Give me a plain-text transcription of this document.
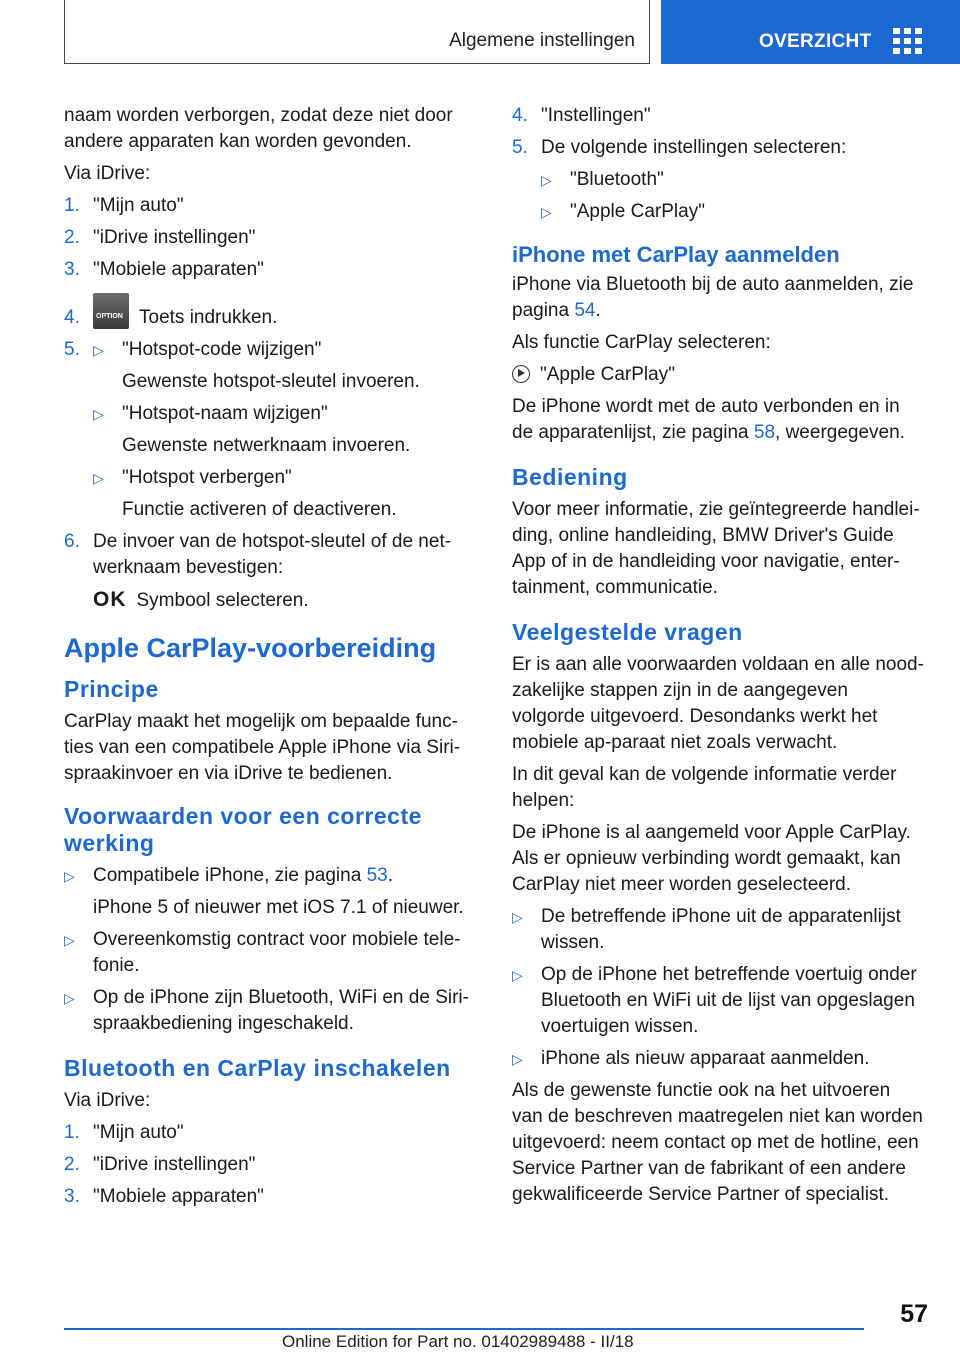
Algemene instellingen	OVERZICHT

naam worden verborgen, zodat deze niet door andere apparaten kan worden gevonden.

Via iDrive:

1. "Mijn auto"
2. "iDrive instellingen"
3. "Mobiele apparaten"
4. OPTION Toets indrukken.
5. ▷ "Hotspot-code wijzigen"
Gewenste hotspot-sleutel invoeren.
▷ "Hotspot-naam wijzigen"
Gewenste netwerknaam invoeren.
▷ "Hotspot verbergen"
Functie activeren of deactiveren.
6. De invoer van de hotspot-sleutel of de net‐werknaam bevestigen:
OK Symbool selecteren.
Apple CarPlay-voorbereiding
Principe

CarPlay maakt het mogelijk om bepaalde func‐ties van een compatibele Apple iPhone via Siri-spraakinvoer en via iDrive te bedienen.

Voorwaarden voor een correcte werking
▷ Compatibele iPhone, zie pagina 53.
iPhone 5 of nieuwer met iOS 7.1 of nieuwer.
▷ Overeenkomstig contract voor mobiele tele‐fonie.
▷ Op de iPhone zijn Bluetooth, WiFi en de Siri-spraakbediening ingeschakeld.
Bluetooth en CarPlay inschakelen

Via iDrive:

1. "Mijn auto"
2. "iDrive instellingen"
3. "Mobiele apparaten"
4. "Instellingen"
5. De volgende instellingen selecteren:
▷ "Bluetooth"
▷ "Apple CarPlay"
iPhone met CarPlay aanmelden

iPhone via Bluetooth bij de auto aanmelden, zie pagina 54.

Als functie CarPlay selecteren:

"Apple CarPlay"

De iPhone wordt met de auto verbonden en in de apparatenlijst, zie pagina 58, weergegeven.

Bediening

Voor meer informatie, zie geïntegreerde handlei‐ding, online handleiding, BMW Driver's Guide App of in de handleiding voor navigatie, enter‐tainment, communicatie.

Veelgestelde vragen

Er is aan alle voorwaarden voldaan en alle nood‐zakelijke stappen zijn in de aangegeven volgorde uitgevoerd. Desondanks werkt het mobiele ap‐paraat niet zoals verwacht.

In dit geval kan de volgende informatie verder helpen:

De iPhone is al aangemeld voor Apple CarPlay. Als er opnieuw verbinding wordt gemaakt, kan CarPlay niet meer worden geselecteerd.

▷ De betreffende iPhone uit de apparatenlijst wissen.
▷ Op de iPhone het betreffende voertuig onder Bluetooth en WiFi uit de lijst van opgeslagen voertuigen wissen.
▷ iPhone als nieuw apparaat aanmelden.

Als de gewenste functie ook na het uitvoeren van de beschreven maatregelen niet kan worden uitgevoerd: neem contact op met de hotline, een Service Partner van de fabrikant of een andere gekwalificeerde Service Partner of specialist.

57
Online Edition for Part no. 01402989488 - II/18
